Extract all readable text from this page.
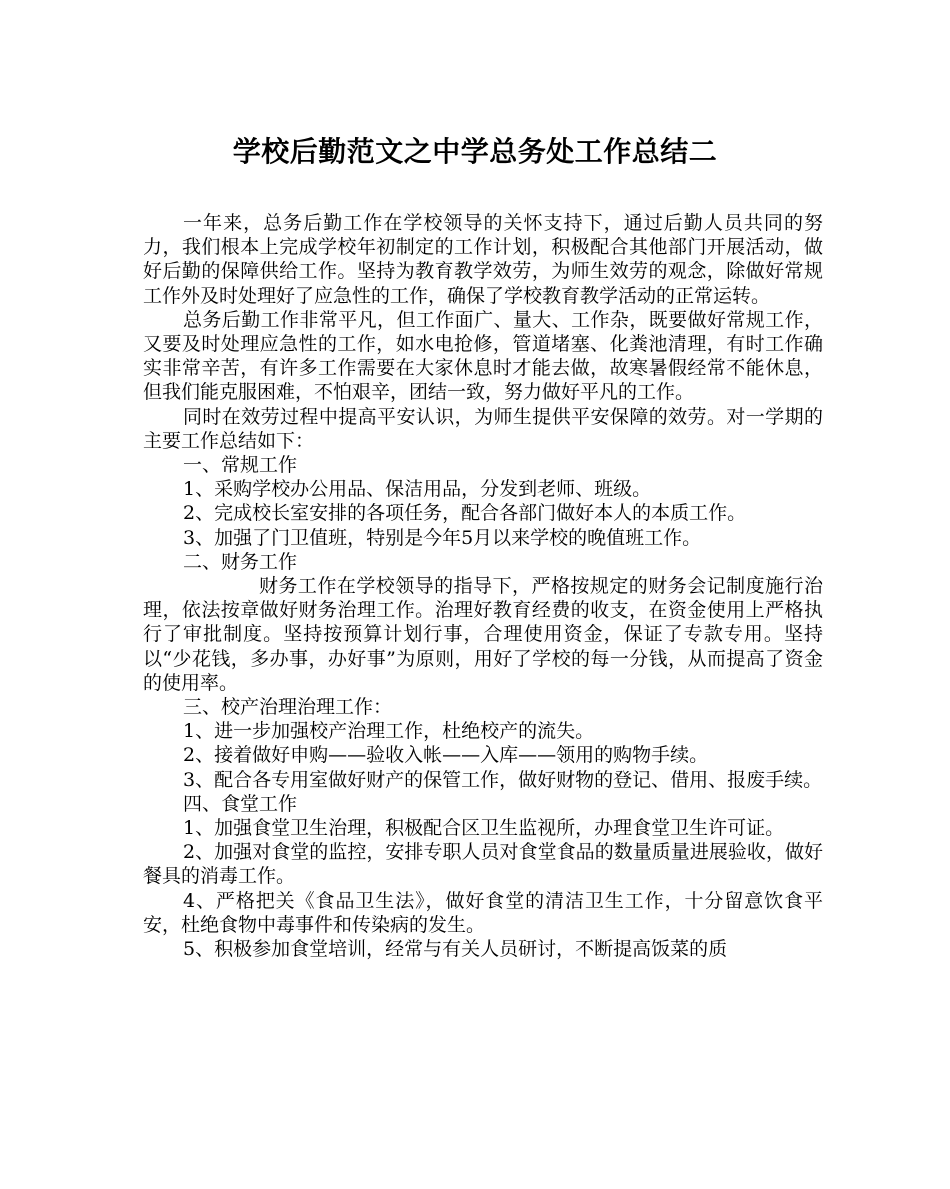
学校后勤范文之中学总务处工作总结二

一年来，总务后勤工作在学校领导的关怀支持下，通过后勤人员共同的努力，我们根本上完成学校年初制定的工作计划，积极配合其他部门开展活动，做好后勤的保障供给工作。坚持为教育教学效劳，为师生效劳的观念，除做好常规工作外及时处理好了应急性的工作，确保了学校教育教学活动的正常运转。

总务后勤工作非常平凡，但工作面广、量大、工作杂，既要做好常规工作，又要及时处理应急性的工作，如水电抢修，管道堵塞、化粪池清理，有时工作确实非常辛苦，有许多工作需要在大家休息时才能去做，故寒暑假经常不能休息，但我们能克服困难，不怕艰辛，团结一致，努力做好平凡的工作。

同时在效劳过程中提高平安认识，为师生提供平安保障的效劳。对一学期的主要工作总结如下：

一、常规工作

1、采购学校办公用品、保洁用品，分发到老师、班级。

2、完成校长室安排的各项任务，配合各部门做好本人的本质工作。

3、加强了门卫值班，特别是今年5月以来学校的晚值班工作。

二、财务工作

财务工作在学校领导的指导下，严格按规定的财务会记制度施行治理，依法按章做好财务治理工作。治理好教育经费的收支，在资金使用上严格执行了审批制度。坚持按预算计划行事，合理使用资金，保证了专款专用。坚持以“少花钱，多办事，办好事”为原则，用好了学校的每一分钱，从而提高了资金的使用率。

三、校产治理治理工作：

1、进一步加强校产治理工作，杜绝校产的流失。

2、接着做好申购——验收入帐——入库——领用的购物手续。

3、配合各专用室做好财产的保管工作，做好财物的登记、借用、报废手续。

四、食堂工作

1、加强食堂卫生治理，积极配合区卫生监视所，办理食堂卫生许可证。

2、加强对食堂的监控，安排专职人员对食堂食品的数量质量进展验收，做好餐具的消毒工作。

4、严格把关《食品卫生法》，做好食堂的清洁卫生工作，十分留意饮食平安，杜绝食物中毒事件和传染病的发生。

5、积极参加食堂培训，经常与有关人员研讨，不断提高饭菜的质
